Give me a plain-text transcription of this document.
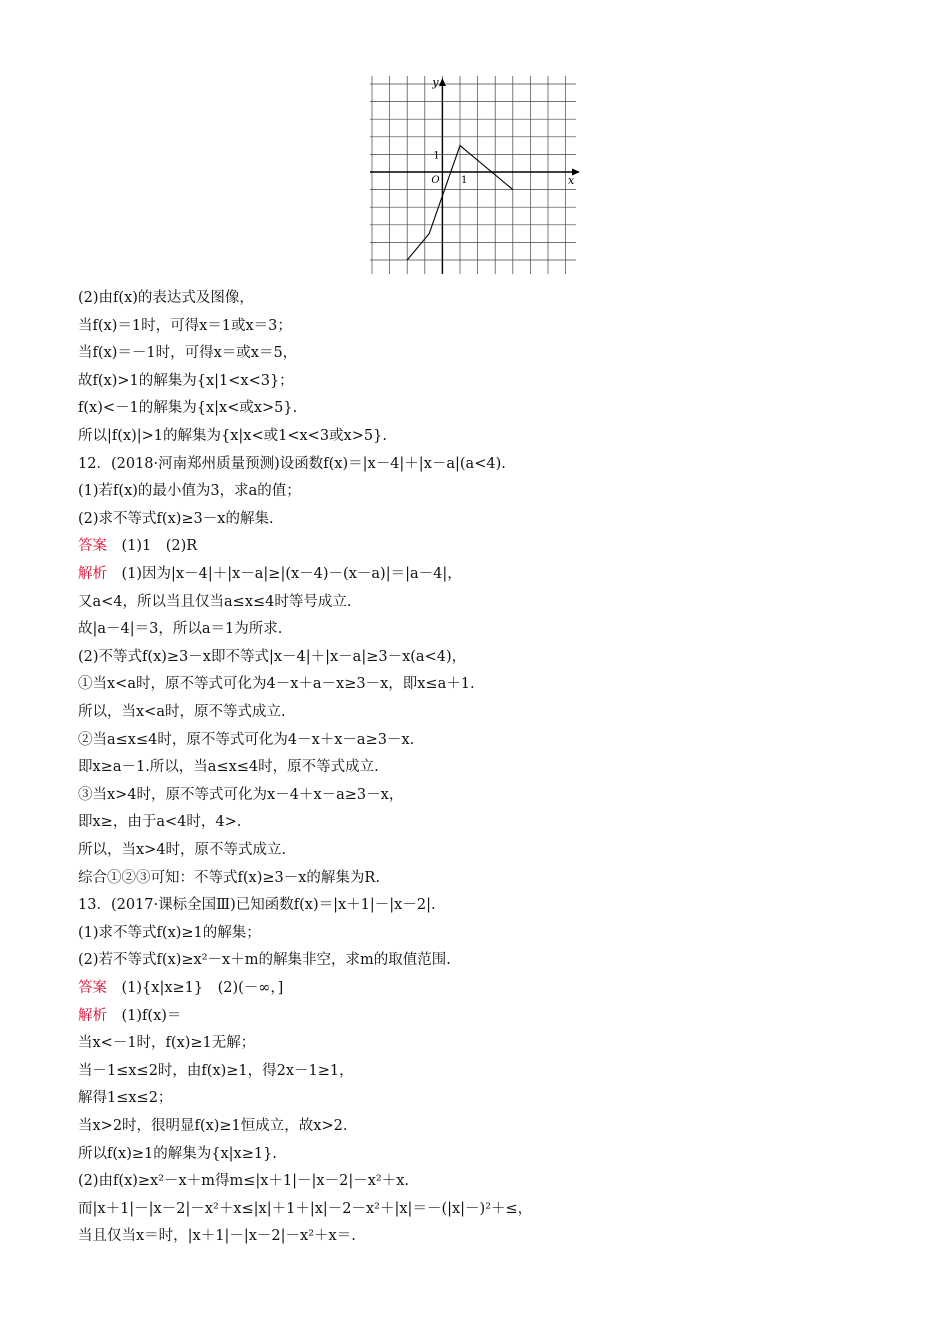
x
y
O 1
1
(2)由f(x)的表达式及图像，
当f(x)＝1时，可得x＝1或x＝3；
当f(x)＝－1时，可得x＝或x＝5，
故f(x)>1的解集为{x|1<x<3}；
f(x)<－1的解集为{x|x<或x>5}.
所以|f(x)|>1的解集为{x|x<或1<x<3或x>5}.
12．(2018·河南郑州质量预测)设函数f(x)＝|x－4|＋|x－a|(a<4).
(1)若f(x)的最小值为3，求a的值；
(2)求不等式f(x)≥3－x的解集.
答案　(1)1　(2)R
解析　(1)因为|x－4|＋|x－a|≥|(x－4)－(x－a)|＝|a－4|，
又a<4，所以当且仅当a≤x≤4时等号成立.
故|a－4|＝3，所以a＝1为所求.
(2)不等式f(x)≥3－x即不等式|x－4|＋|x－a|≥3－x(a<4)，
①当x<a时，原不等式可化为4－x＋a－x≥3－x，即x≤a＋1.
所以，当x<a时，原不等式成立.
②当a≤x≤4时，原不等式可化为4－x＋x－a≥3－x.
即x≥a－1.所以，当a≤x≤4时，原不等式成立.
③当x>4时，原不等式可化为x－4＋x－a≥3－x，
即x≥，由于a<4时，4>.
所以，当x>4时，原不等式成立.
综合①②③可知：不等式f(x)≥3－x的解集为R.
13．(2017·课标全国Ⅲ)已知函数f(x)＝|x＋1|－|x－2|.
(1)求不等式f(x)≥1的解集；
(2)若不等式f(x)≥x²－x＋m的解集非空，求m的取值范围.
答案　(1){x|x≥1}　(2)(－∞，]
解析　(1)f(x)＝
当x<－1时，f(x)≥1无解；
当－1≤x≤2时，由f(x)≥1，得2x－1≥1，
解得1≤x≤2；
当x>2时，很明显f(x)≥1恒成立，故x>2.
所以f(x)≥1的解集为{x|x≥1}.
(2)由f(x)≥x²－x＋m得m≤|x＋1|－|x－2|－x²＋x.
而|x＋1|－|x－2|－x²＋x≤|x|＋1＋|x|－2－x²＋|x|＝－(|x|－)²＋≤，
当且仅当x＝时，|x＋1|－|x－2|－x²＋x＝.
